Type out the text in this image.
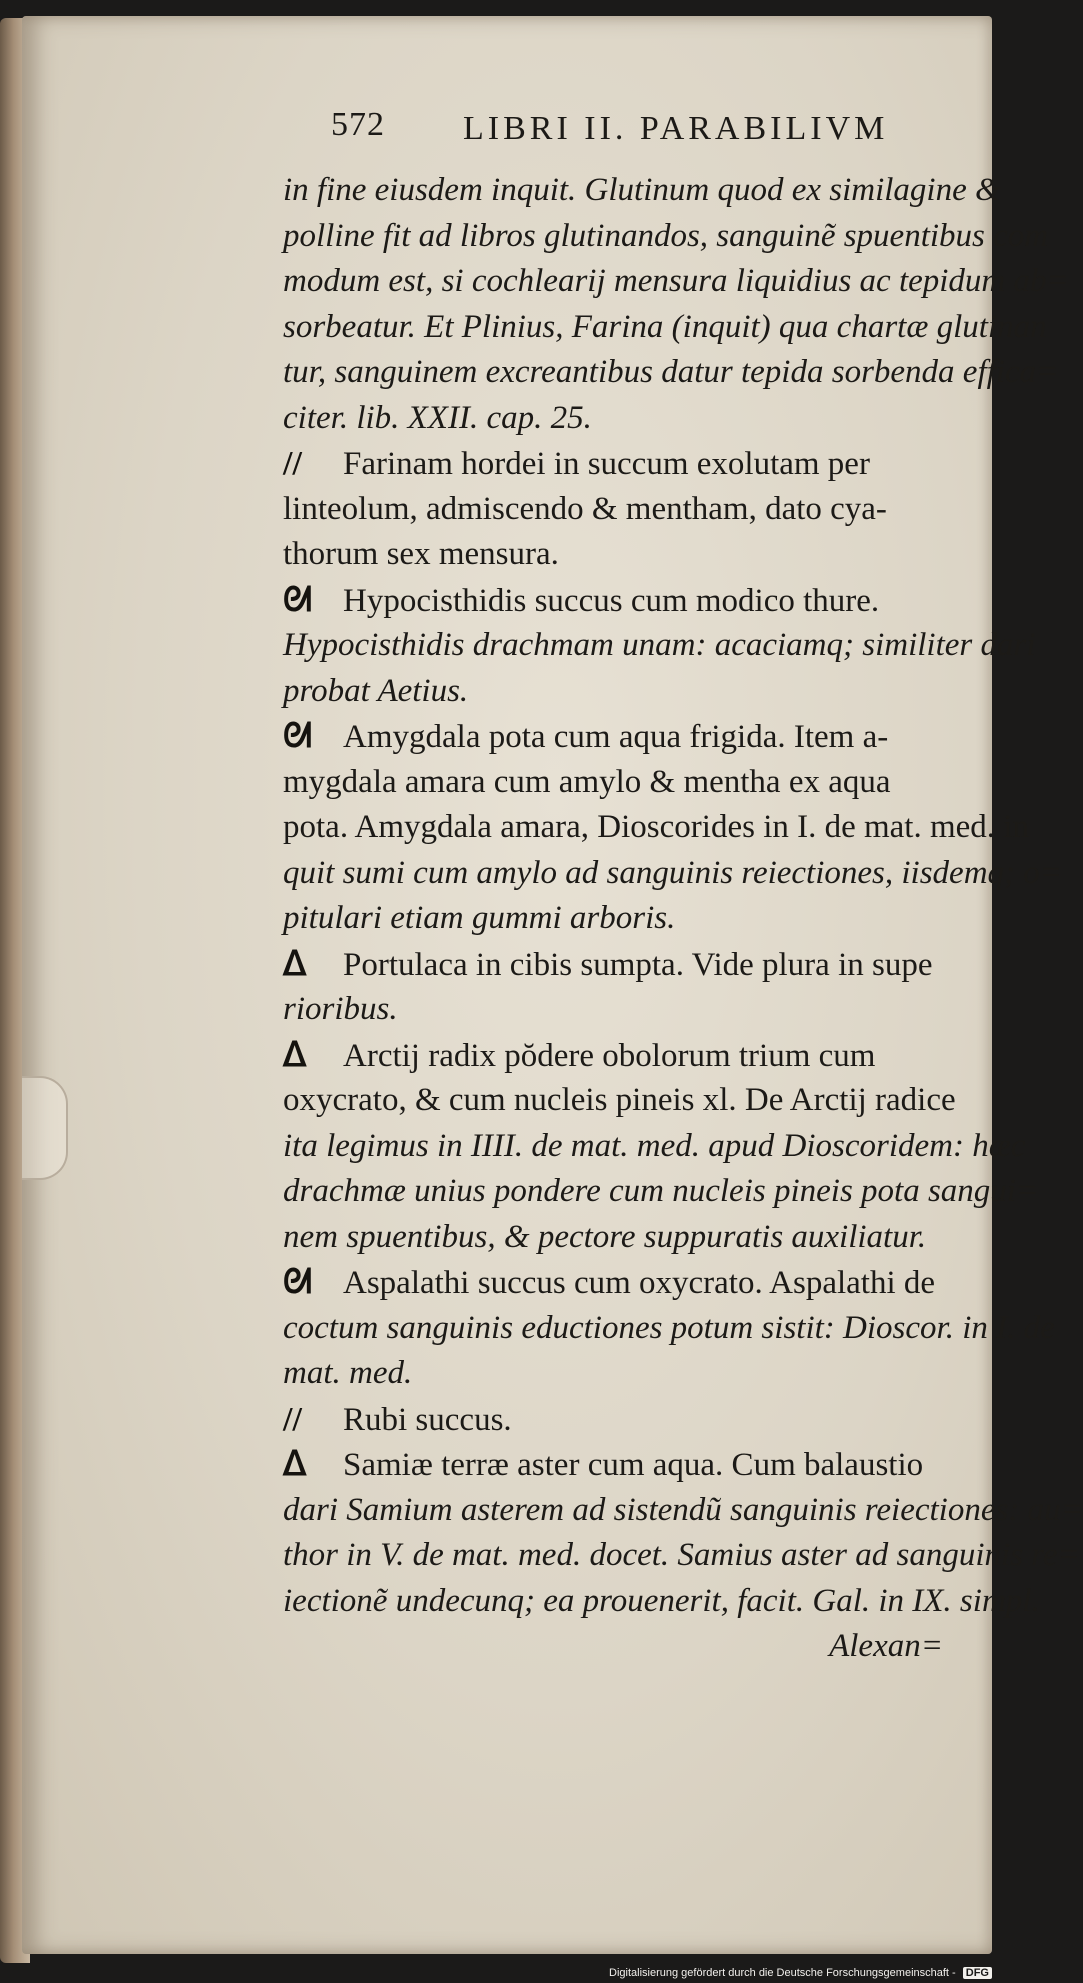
572 LIBRI II. PARABILIVM
in fine eiusdem inquit. Glutinum quod ex similagine &
polline fit ad libros glutinandos, sanguinẽ spuentibus com
modum est, si cochlearij mensura liquidius ac tepidum ab=
sorbeatur. Et Plinius, Farina (inquit) qua chartæ glutinan
tur, sanguinem excreantibus datur tepida sorbenda effica=
citer. lib. XXII. cap. 25.
// Farinam hordei in succum exolutam per
linteolum, admiscendo & mentham, dato cya-
thorum sex mensura.
ᘛ Hypocisthidis succus cum modico thure.
Hypocisthidis drachmam unam: acaciamq; similiter dari
probat Aetius.
ᘛ Amygdala pota cum aqua frigida. Item a-
mygdala amara cum amylo & mentha ex aqua
pota. Amygdala amara, Dioscorides in I. de mat. med. in
quit sumi cum amylo ad sanguinis reiectiones, iisdemq; o=
pitulari etiam gummi arboris.
ᐃ Portulaca in cibis sumpta. Vide plura in supe
rioribus.
ᐃ Arctij radix pŏdere obolorum trium cum
oxycrato, & cum nucleis pineis xl. De Arctij radice
ita legimus in IIII. de mat. med. apud Dioscoridem: hæc
drachmæ unius pondere cum nucleis pineis pota sangui=
nem spuentibus, & pectore suppuratis auxiliatur.
ᘛ Aspalathi succus cum oxycrato. Aspalathi de
coctum sanguinis eductiones potum sistit: Dioscor. in I. de
mat. med.
// Rubi succus.
ᐃ Samiæ terræ aster cum aqua. Cum balaustio
dari Samium asterem ad sistendũ sanguinis reiectiones: au=
thor in V. de mat. med. docet. Samius aster ad sanguinis re=
iectionẽ undecunq; ea prouenerit, facit. Gal. in IX. simpl.
Alexan=
Digitalisierung gefördert durch die Deutsche Forschungsgemeinschaft - DFG
